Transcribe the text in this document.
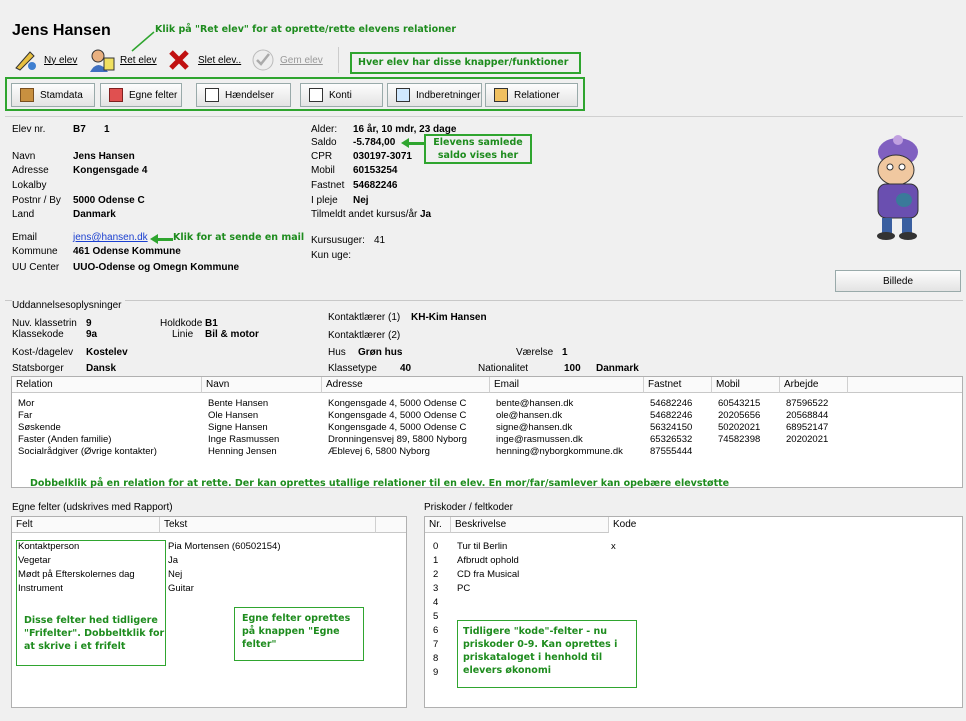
Jens Hansen	Klik på "Ret elev" for at oprette/rette elevens relationer
Ny elev	Ret elev	Slet elev..	Gem elev	Hver elev har disse knapper/funktioner
Stamdata	Egne felter	Hændelser	Konti	Indberetninger	Relationer
Elev nr.	B7 1
Navn	Jens Hansen
Adresse Kongensgade 4
Lokalby
Postnr / By 5000 Odense C
Land	Danmark
Email	jens@hansen.dk	Klik for at sende en mail
Kommune 461 Odense Kommune
UU Center UUO-Odense og Omegn Kommune
Alder: 16 år, 10 mdr, 23 dage
Saldo -5.784,00	Elevens samlede saldo vises her
CPR 030197-3071
Mobil 60153254
Fastnet 54682246
I pleje Nej
Tilmeldt andet kursus/år Ja
Kursusuger: 41
Kun uge:
Billede
Uddannelsesoplysninger
Nuv. klassetrin 9
Klassekode 9a
Holdkode B1
Linie Bil & motor
Kost-/dagelev Kostelev
Statsborger Dansk
Kontaktlærer (1) KH-Kim Hansen
Kontaktlærer (2)
Hus Grøn hus	Værelse 1
Klassetype 40	Nationalitet	100 Danmark
Relation	Navn	Adresse	Email	Fastnet	Mobil	Arbejde
Mor	Bente Hansen	Kongensgade 4, 5000 Odense C	bente@hansen.dk	54682246	60543215	87596522
Far	Ole Hansen	Kongensgade 4, 5000 Odense C	ole@hansen.dk	54682246	20205656	20568844
Søskende	Signe Hansen	Kongensgade 4, 5000 Odense C	signe@hansen.dk	56324150	50202021	68952147
Faster (Anden familie)	Inge Rasmussen	Dronningensvej 89, 5800 Nyborg	inge@rasmussen.dk	65326532	74582398	20202021
Socialrådgiver (Øvrige kontakter)	Henning Jensen	Æblevej 6, 5800 Nyborg	henning@nyborgkommune.dk	87555444
Dobbelklik på en relation for at rette. Der kan oprettes utallige relationer til en elev. En mor/far/samlever kan opebære elevstøtte
Egne felter (udskrives med Rapport)
Felt	Tekst
Kontaktperson	Pia Mortensen (60502154)
Vegetar	Ja
Mødt på Efterskolernes dag	Nej
Instrument	Guitar
Disse felter hed tidligere "Frifelter". Dobbeltklik for at skrive i et frifelt
Egne felter oprettes på knappen "Egne felter"
Priskoder / feltkoder
Nr.	Beskrivelse	Kode
0	Tur til Berlin	x
1	Afbrudt ophold
2	CD fra Musical
3	PC
4
5
6
7
8
9
Tidligere "kode"-felter - nu priskoder 0-9. Kan oprettes i priskataloget i henhold til elevers økonomi
